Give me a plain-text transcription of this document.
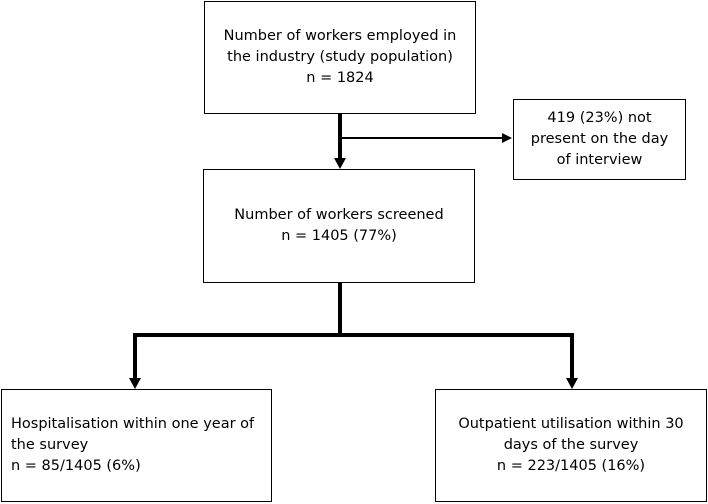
Number of workers employed in
the industry (study population)
n = 1824
419 (23%) not
present on the day
of interview
Number of workers screened
n = 1405 (77%)
Hospitalisation within one year of
the survey
n = 85/1405 (6%)
Outpatient utilisation within 30
days of the survey
n = 223/1405 (16%)
